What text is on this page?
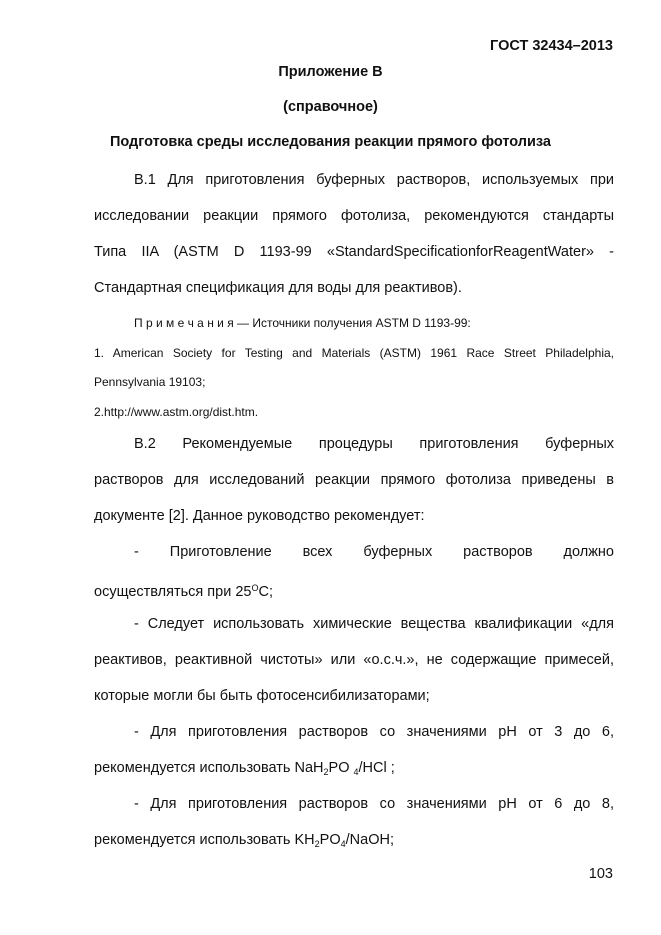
ГОСТ 32434–2013
Приложение В
(справочное)
Подготовка среды исследования реакции прямого фотолиза
В.1 Для приготовления буферных растворов, используемых при
исследовании реакции прямого фотолиза, рекомендуются стандарты
Типа IIA (ASTM D 1193-99 «StandardSpecificationforReagentWater» -
Стандартная спецификация для воды для реактивов).
П р и м е ч а н и я — Источники получения ASTM D 1193-99:
1. American Society for Testing and Materials (ASTM) 1961 Race Street Philadelphia,
Pennsylvania 19103;
2.http://www.astm.org/dist.htm.
В.2 Рекомендуемые процедуры приготовления буферных
растворов для исследований реакции прямого фотолиза приведены в
документе [2]. Данное руководство рекомендует:
- Приготовление всех буферных растворов должно
осуществляться при $25^OС$;
- Следует использовать химические вещества квалификации «для
реактивов, реактивной чистоты» или «о.с.ч.», не содержащие примесей,
которые могли бы быть фотосенсибилизаторами;
- Для приготовления растворов со значениями рН от 3 до 6,
рекомендуется использовать NaH$_2$PO $_4$/HCl ;
- Для приготовления растворов со значениями рН от 6 до 8,
рекомендуется использовать $KH_2PO_4$/NaOH;
103
